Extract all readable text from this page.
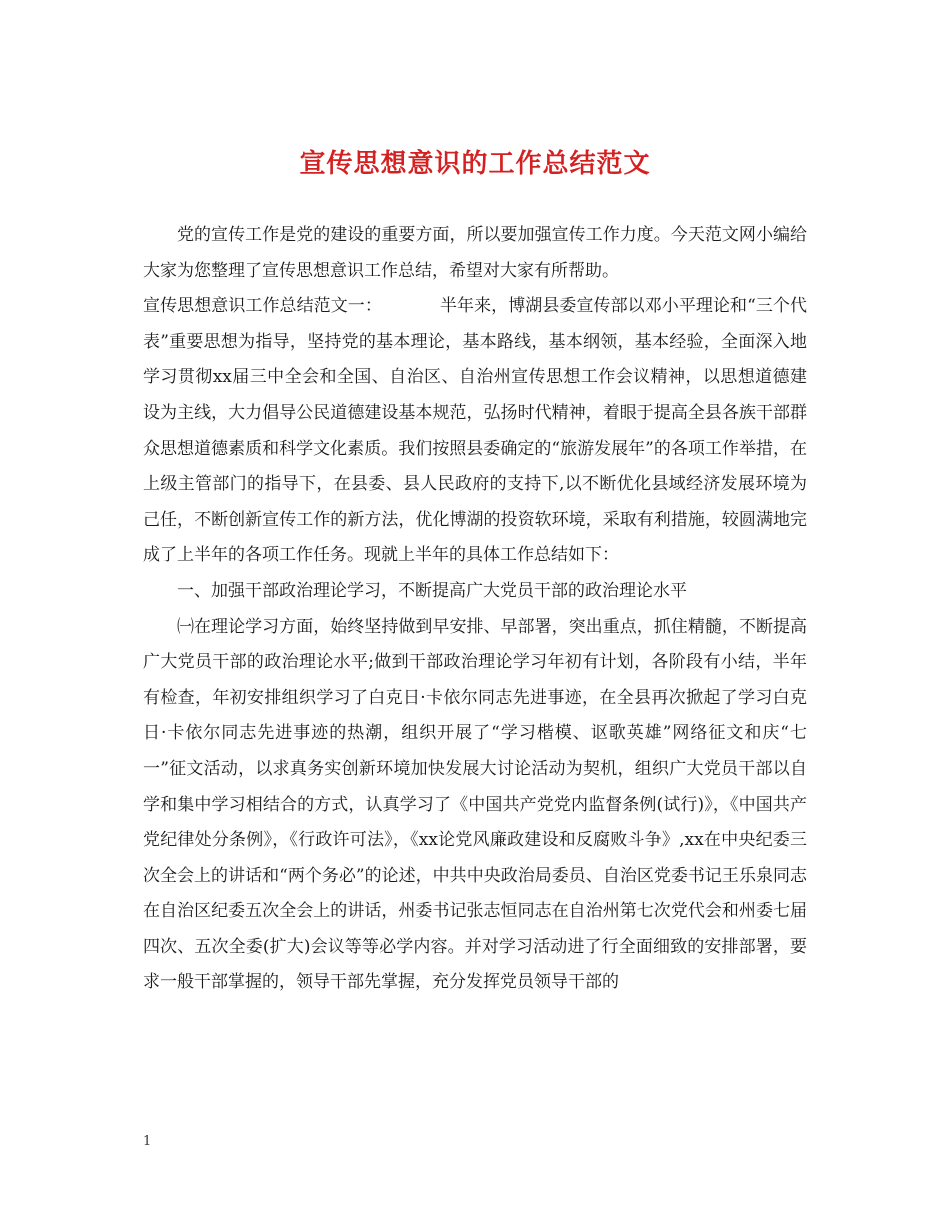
宣传思想意识的工作总结范文

党的宣传工作是党的建设的重要方面，所以要加强宣传工作力度。今天范文网小编给大家为您整理了宣传思想意识工作总结，希望对大家有所帮助。

宣传思想意识工作总结范文一：	半年来，博湖县委宣传部以邓小平理论和“三个代表”重要思想为指导，坚持党的基本理论，基本路线，基本纲领，基本经验，全面深入地学习贯彻xx届三中全会和全国、自治区、自治州宣传思想工作会议精神，以思想道德建设为主线，大力倡导公民道德建设基本规范，弘扬时代精神，着眼于提高全县各族干部群众思想道德素质和科学文化素质。我们按照县委确定的“旅游发展年”的各项工作举措，在上级主管部门的指导下，在县委、县人民政府的支持下,以不断优化县域经济发展环境为己任，不断创新宣传工作的新方法，优化博湖的投资软环境，采取有利措施，较圆满地完成了上半年的各项工作任务。现就上半年的具体工作总结如下：

一、加强干部政治理论学习，不断提高广大党员干部的政治理论水平

㈠在理论学习方面，始终坚持做到早安排、早部署，突出重点，抓住精髓，不断提高广大党员干部的政治理论水平;做到干部政治理论学习年初有计划，各阶段有小结，半年有检查，年初安排组织学习了白克日·卡依尔同志先进事迹，在全县再次掀起了学习白克日·卡依尔同志先进事迹的热潮，组织开展了“学习楷模、讴歌英雄”网络征文和庆“七一”征文活动，以求真务实创新环境加快发展大讨论活动为契机，组织广大党员干部以自学和集中学习相结合的方式，认真学习了《中国共产党党内监督条例(试行)》，《中国共产党纪律处分条例》，《行政许可法》，《xx论党风廉政建设和反腐败斗争》,xx在中央纪委三次全会上的讲话和“两个务必”的论述，中共中央政治局委员、自治区党委书记王乐泉同志在自治区纪委五次全会上的讲话，州委书记张志恒同志在自治州第七次党代会和州委七届四次、五次全委(扩大)会议等等必学内容。并对学习活动进了行全面细致的安排部署，要求一般干部掌握的，领导干部先掌握，充分发挥党员领导干部的

1
